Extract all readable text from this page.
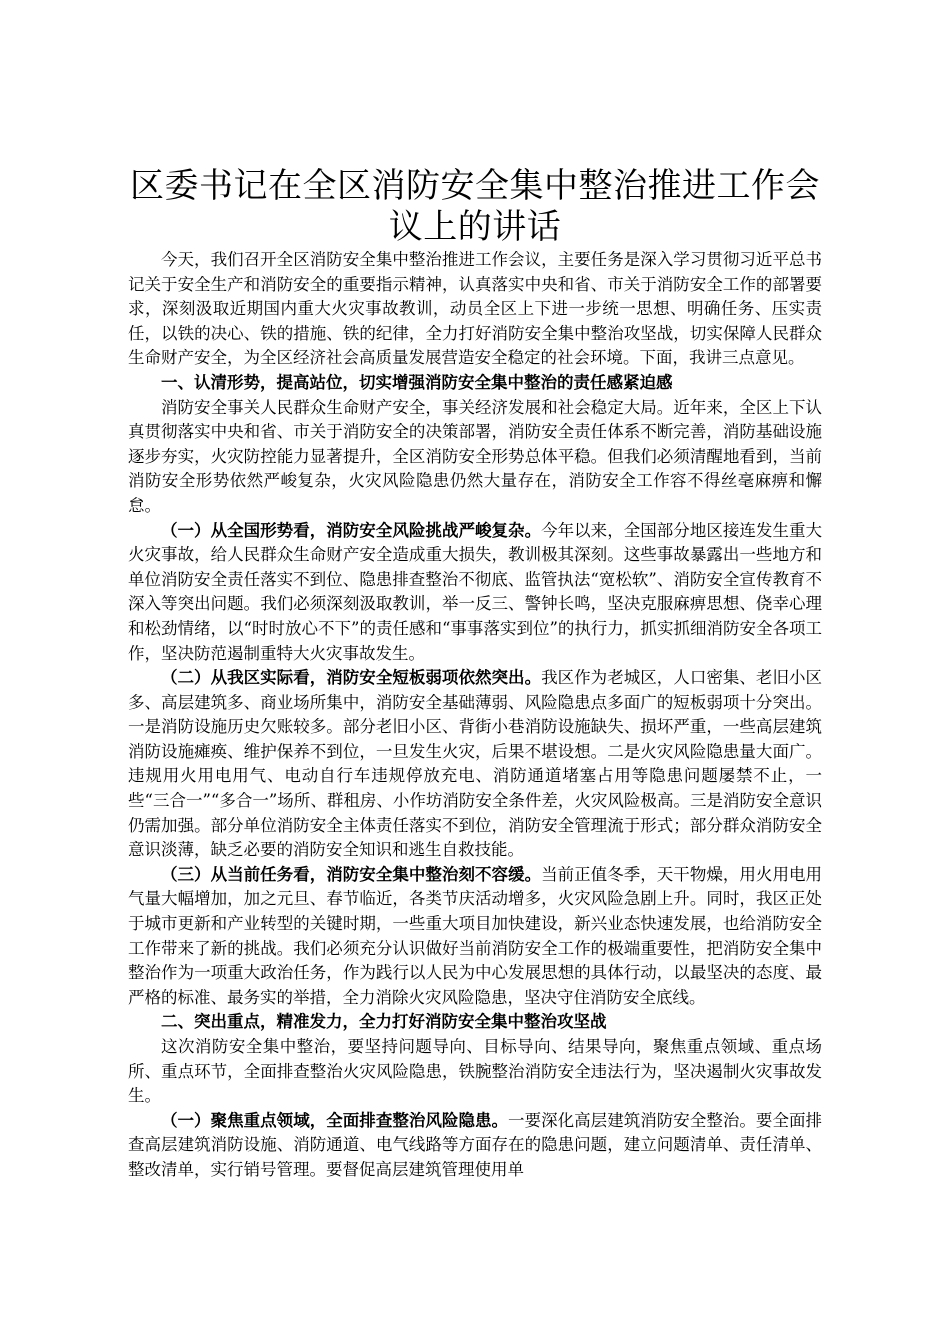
区委书记在全区消防安全集中整治推进工作会议上的讲话

今天，我们召开全区消防安全集中整治推进工作会议，主要任务是深入学习贯彻习近平总书记关于安全生产和消防安全的重要指示精神，认真落实中央和省、市关于消防安全工作的部署要求，深刻汲取近期国内重大火灾事故教训，动员全区上下进一步统一思想、明确任务、压实责任，以铁的决心、铁的措施、铁的纪律，全力打好消防安全集中整治攻坚战，切实保障人民群众生命财产安全，为全区经济社会高质量发展营造安全稳定的社会环境。下面，我讲三点意见。

一、认清形势，提高站位，切实增强消防安全集中整治的责任感紧迫感

消防安全事关人民群众生命财产安全，事关经济发展和社会稳定大局。近年来，全区上下认真贯彻落实中央和省、市关于消防安全的决策部署，消防安全责任体系不断完善，消防基础设施逐步夯实，火灾防控能力显著提升，全区消防安全形势总体平稳。但我们必须清醒地看到，当前消防安全形势依然严峻复杂，火灾风险隐患仍然大量存在，消防安全工作容不得丝毫麻痹和懈怠。

（一）从全国形势看，消防安全风险挑战严峻复杂。今年以来，全国部分地区接连发生重大火灾事故，给人民群众生命财产安全造成重大损失，教训极其深刻。这些事故暴露出一些地方和单位消防安全责任落实不到位、隐患排查整治不彻底、监管执法“宽松软”、消防安全宣传教育不深入等突出问题。我们必须深刻汲取教训，举一反三、警钟长鸣，坚决克服麻痹思想、侥幸心理和松劲情绪，以“时时放心不下”的责任感和“事事落实到位”的执行力，抓实抓细消防安全各项工作，坚决防范遏制重特大火灾事故发生。

（二）从我区实际看，消防安全短板弱项依然突出。我区作为老城区，人口密集、老旧小区多、高层建筑多、商业场所集中，消防安全基础薄弱、风险隐患点多面广的短板弱项十分突出。一是消防设施历史欠账较多。部分老旧小区、背街小巷消防设施缺失、损坏严重，一些高层建筑消防设施瘫痪、维护保养不到位，一旦发生火灾，后果不堪设想。二是火灾风险隐患量大面广。违规用火用电用气、电动自行车违规停放充电、消防通道堵塞占用等隐患问题屡禁不止，一些“三合一”“多合一”场所、群租房、小作坊消防安全条件差，火灾风险极高。三是消防安全意识仍需加强。部分单位消防安全主体责任落实不到位，消防安全管理流于形式；部分群众消防安全意识淡薄，缺乏必要的消防安全知识和逃生自救技能。

（三）从当前任务看，消防安全集中整治刻不容缓。当前正值冬季，天干物燥，用火用电用气量大幅增加，加之元旦、春节临近，各类节庆活动增多，火灾风险急剧上升。同时，我区正处于城市更新和产业转型的关键时期，一些重大项目加快建设，新兴业态快速发展，也给消防安全工作带来了新的挑战。我们必须充分认识做好当前消防安全工作的极端重要性，把消防安全集中整治作为一项重大政治任务，作为践行以人民为中心发展思想的具体行动，以最坚决的态度、最严格的标准、最务实的举措，全力消除火灾风险隐患，坚决守住消防安全底线。

二、突出重点，精准发力，全力打好消防安全集中整治攻坚战

这次消防安全集中整治，要坚持问题导向、目标导向、结果导向，聚焦重点领域、重点场所、重点环节，全面排查整治火灾风险隐患，铁腕整治消防安全违法行为，坚决遏制火灾事故发生。

（一）聚焦重点领域，全面排查整治风险隐患。一要深化高层建筑消防安全整治。要全面排查高层建筑消防设施、消防通道、电气线路等方面存在的隐患问题，建立问题清单、责任清单、整改清单，实行销号管理。要督促高层建筑管理使用单
